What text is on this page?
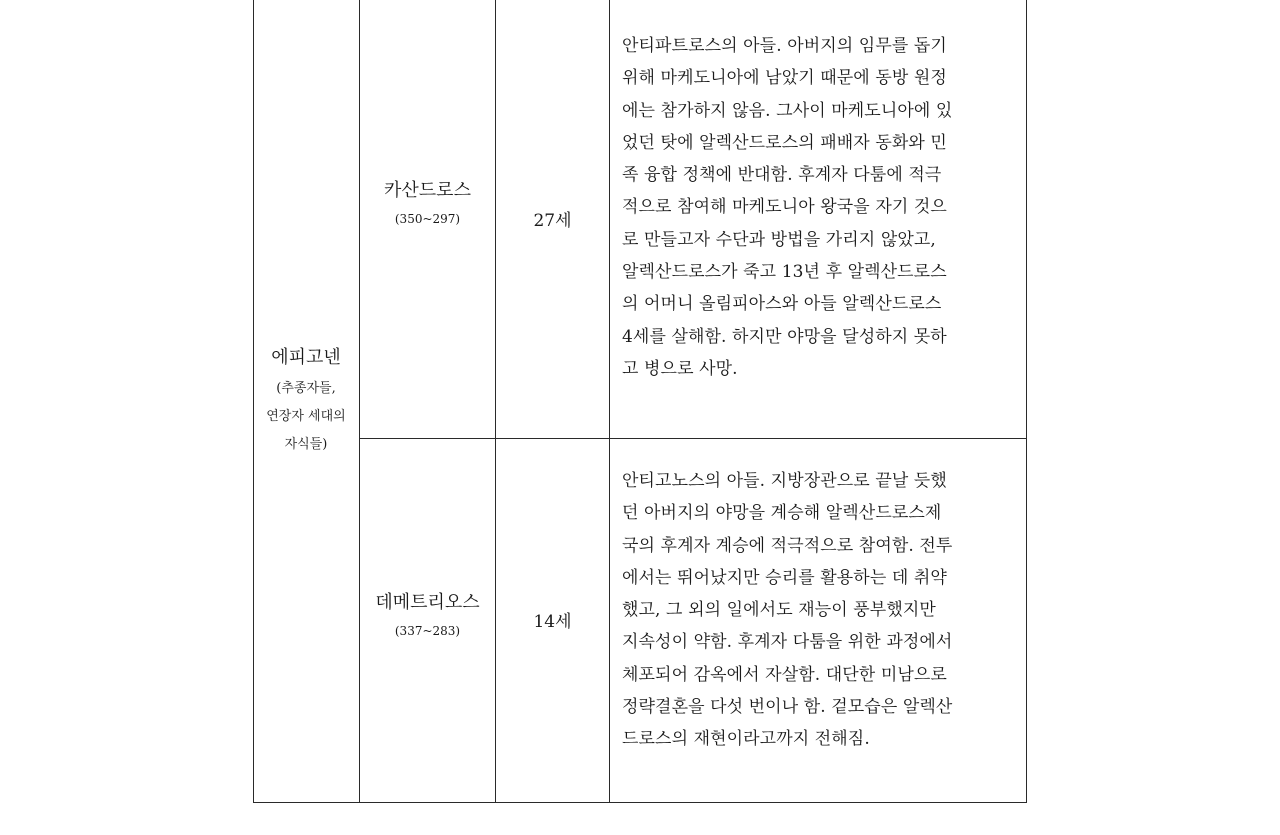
에피고넨
(추종자들,
연장자 세대의
자식들)
카산드로스
(350~297)	27세
안티파트로스의 아들. 아버지의 임무를 돕기
위해 마케도니아에 남았기 때문에 동방 원정
에는 참가하지 않음. 그사이 마케도니아에 있
었던 탓에 알렉산드로스의 패배자 동화와 민
족 융합 정책에 반대함. 후계자 다툼에 적극
적으로 참여해 마케도니아 왕국을 자기 것으
로 만들고자 수단과 방법을 가리지 않았고,
알렉산드로스가 죽고 13년 후 알렉산드로스
의 어머니 올림피아스와 아들 알렉산드로스
4세를 살해함. 하지만 야망을 달성하지 못하
고 병으로 사망.
데메트리오스
(337~283)	14세
안티고노스의 아들. 지방장관으로 끝날 듯했
던 아버지의 야망을 계승해 알렉산드로스제
국의 후계자 계승에 적극적으로 참여함. 전투
에서는 뛰어났지만 승리를 활용하는 데 취약
했고, 그 외의 일에서도 재능이 풍부했지만
지속성이 약함. 후계자 다툼을 위한 과정에서
체포되어 감옥에서 자살함. 대단한 미남으로
정략결혼을 다섯 번이나 함. 겉모습은 알렉산
드로스의 재현이라고까지 전해짐.
